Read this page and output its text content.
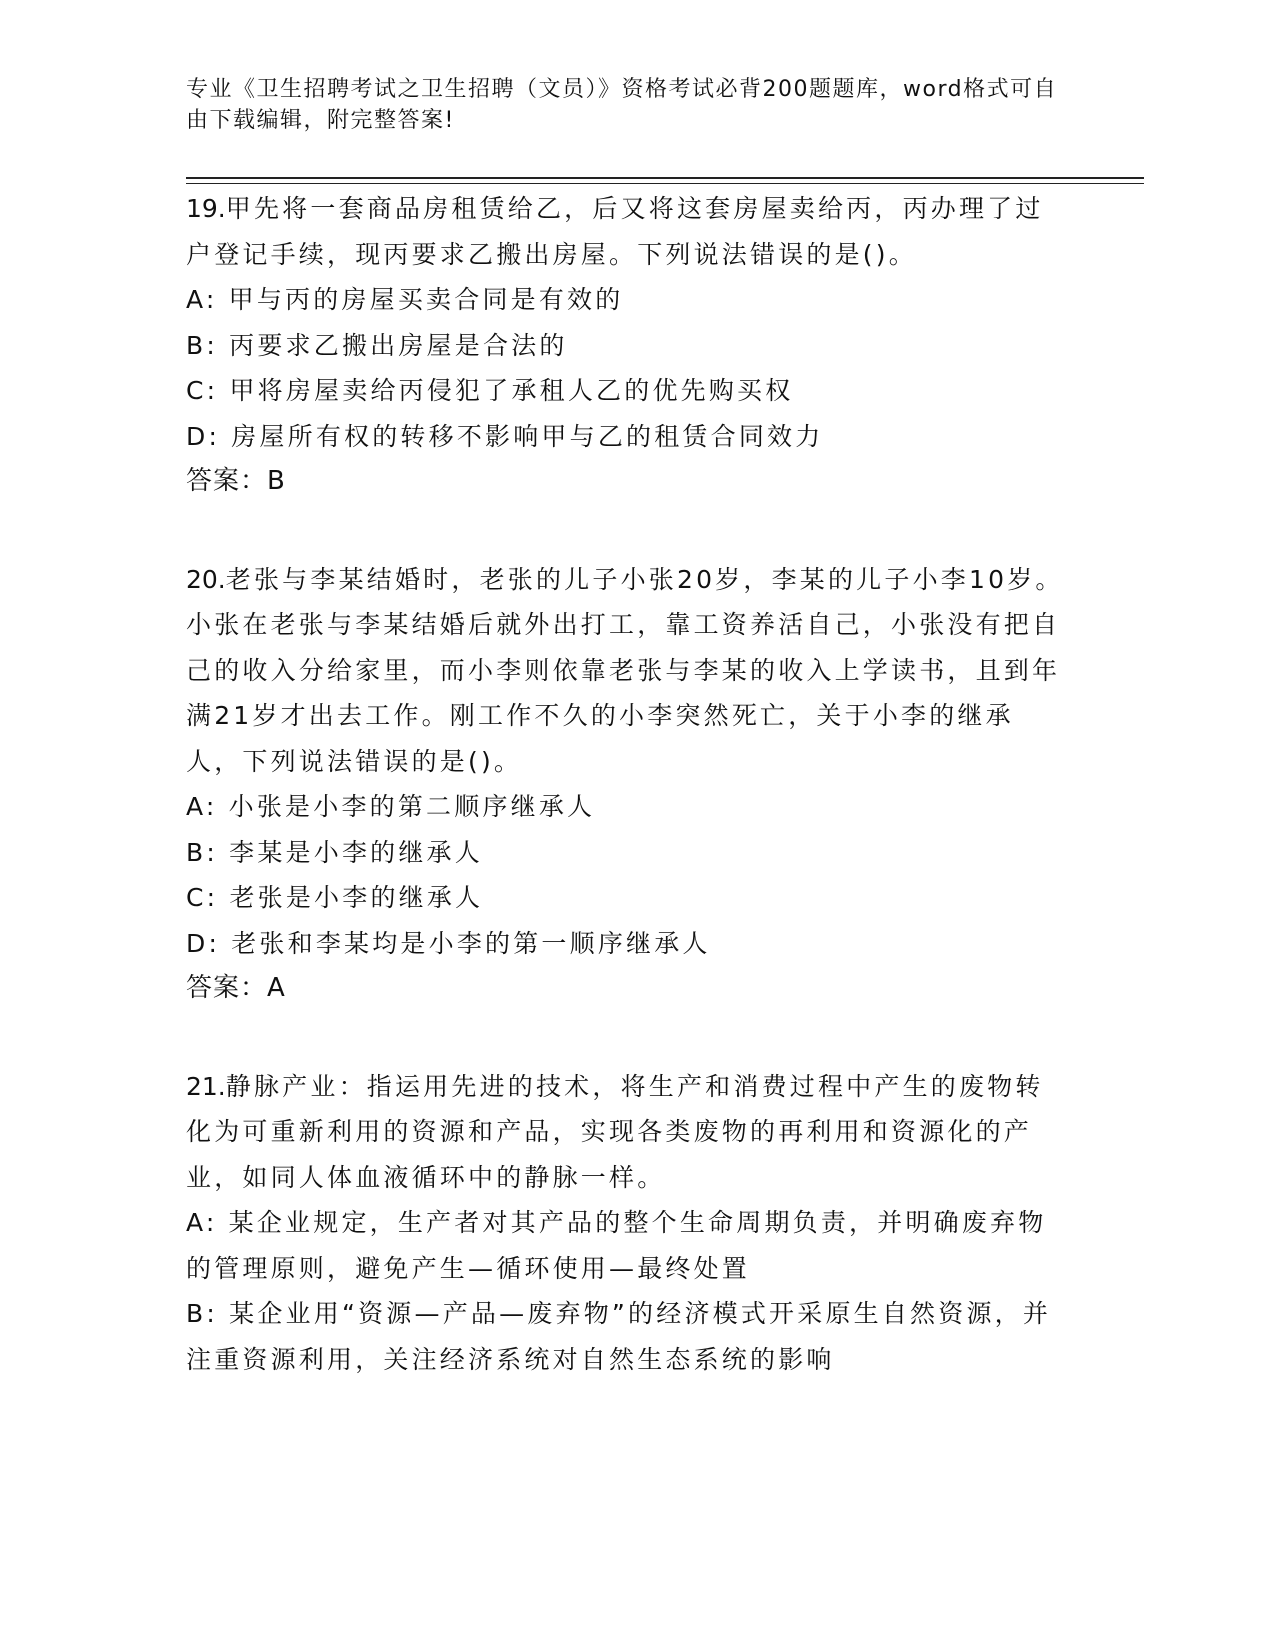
专业《卫生招聘考试之卫生招聘（文员）》资格考试必背200题题库，word格式可自由下载编辑，附完整答案!
19.甲先将一套商品房租赁给乙，后又将这套房屋卖给丙，丙办理了过户登记手续，现丙要求乙搬出房屋。下列说法错误的是()。
A: 甲与丙的房屋买卖合同是有效的
B: 丙要求乙搬出房屋是合法的
C: 甲将房屋卖给丙侵犯了承租人乙的优先购买权
D: 房屋所有权的转移不影响甲与乙的租赁合同效力
答案：B
20.老张与李某结婚时，老张的儿子小张20岁，李某的儿子小李10岁。小张在老张与李某结婚后就外出打工，靠工资养活自己，小张没有把自己的收入分给家里，而小李则依靠老张与李某的收入上学读书，且到年满21岁才出去工作。刚工作不久的小李突然死亡，关于小李的继承人，下列说法错误的是()。
A: 小张是小李的第二顺序继承人
B: 李某是小李的继承人
C: 老张是小李的继承人
D: 老张和李某均是小李的第一顺序继承人
答案：A
21.静脉产业：指运用先进的技术，将生产和消费过程中产生的废物转化为可重新利用的资源和产品，实现各类废物的再利用和资源化的产业，如同人体血液循环中的静脉一样。
A: 某企业规定，生产者对其产品的整个生命周期负责，并明确废弃物的管理原则，避免产生—循环使用—最终处置
B: 某企业用“资源—产品—废弃物”的经济模式开采原生自然资源，并注重资源利用，关注经济系统对自然生态系统的影响
